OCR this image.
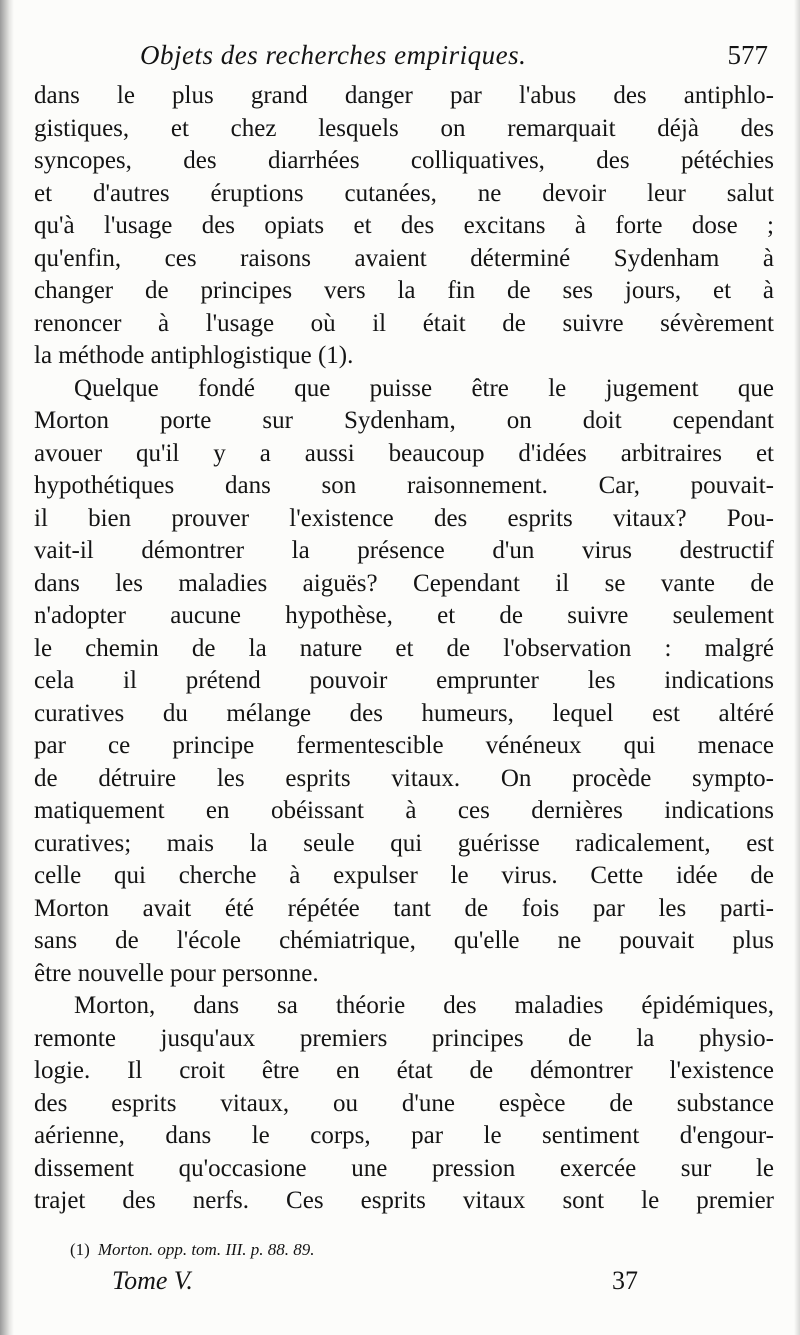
Objets des recherches empiriques.	577
dans le plus grand danger par l'abus des antiphlo-
gistiques, et chez lesquels on remarquait déjà des
syncopes, des diarrhées colliquatives, des pétéchies
et d'autres éruptions cutanées, ne devoir leur salut
qu'à l'usage des opiats et des excitans à forte dose ;
qu'enfin, ces raisons avaient déterminé Sydenham à
changer de principes vers la fin de ses jours, et à
renoncer à l'usage où il était de suivre sévèrement
la méthode antiphlogistique (1).
Quelque fondé que puisse être le jugement que
Morton porte sur Sydenham, on doit cependant
avouer qu'il y a aussi beaucoup d'idées arbitraires et
hypothétiques dans son raisonnement. Car, pouvait-
il bien prouver l'existence des esprits vitaux? Pou-
vait-il démontrer la présence d'un virus destructif
dans les maladies aiguës? Cependant il se vante de
n'adopter aucune hypothèse, et de suivre seulement
le chemin de la nature et de l'observation : malgré
cela il prétend pouvoir emprunter les indications
curatives du mélange des humeurs, lequel est altéré
par ce principe fermentescible vénéneux qui menace
de détruire les esprits vitaux. On procède sympto-
matiquement en obéissant à ces dernières indications
curatives; mais la seule qui guérisse radicalement, est
celle qui cherche à expulser le virus. Cette idée de
Morton avait été répétée tant de fois par les parti-
sans de l'école chémiatrique, qu'elle ne pouvait plus
être nouvelle pour personne.
Morton, dans sa théorie des maladies épidémiques,
remonte jusqu'aux premiers principes de la physio-
logie. Il croit être en état de démontrer l'existence
des esprits vitaux, ou d'une espèce de substance
aérienne, dans le corps, par le sentiment d'engour-
dissement qu'occasione une pression exercée sur le
trajet des nerfs. Ces esprits vitaux sont le premier
(1) Morton. opp. tom. III. p. 88. 89.
Tome V.	37
